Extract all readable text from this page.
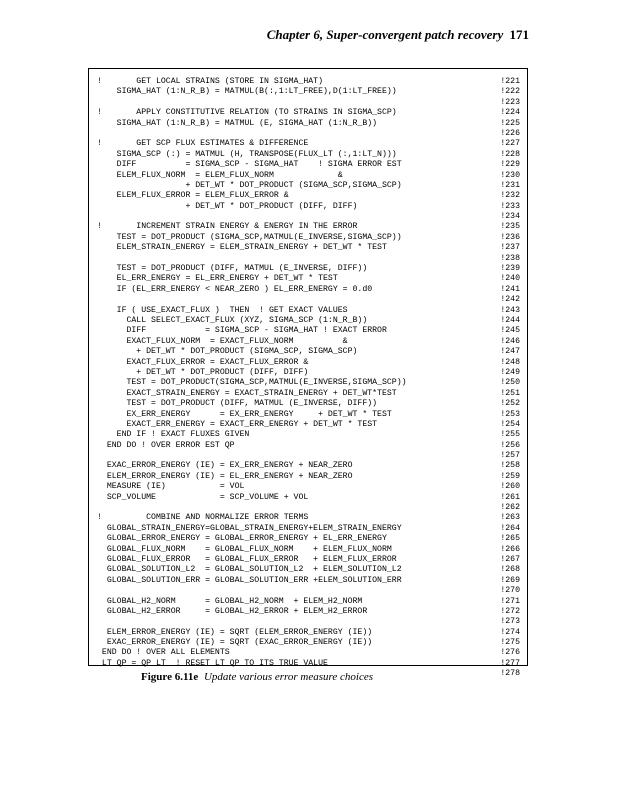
Chapter 6, Super-convergent patch recovery 171
!       GET LOCAL STRAINS (STORE IN SIGMA_HAT)
SIGMA_HAT (1:N_R_B) = MATMUL(B(:,1:LT_FREE),D(1:LT_FREE))
!       APPLY CONSTITUTIVE RELATION (TO STRAINS IN SIGMA_SCP)
SIGMA_HAT (1:N_R_B) = MATMUL (E, SIGMA_HAT (1:N_R_B))
!       GET SCP FLUX ESTIMATES & DIFFERENCE
SIGMA_SCP (:) = MATMUL (H, TRANSPOSE(FLUX_LT (:,1:LT_N)))
DIFF          = SIGMA_SCP - SIGMA_HAT    ! SIGMA ERROR EST
ELEM_FLUX_NORM  = ELEM_FLUX_NORM             &
+ DET_WT * DOT_PRODUCT (SIGMA_SCP,SIGMA_SCP)
ELEM_FLUX_ERROR = ELEM_FLUX_ERROR &
+ DET_WT * DOT_PRODUCT (DIFF, DIFF)
!       INCREMENT STRAIN ENERGY & ENERGY IN THE ERROR
TEST = DOT_PRODUCT (SIGMA_SCP,MATMUL(E_INVERSE,SIGMA_SCP))
ELEM_STRAIN_ENERGY = ELEM_STRAIN_ENERGY + DET_WT * TEST
TEST = DOT_PRODUCT (DIFF, MATMUL (E_INVERSE, DIFF))
EL_ERR_ENERGY = EL_ERR_ENERGY + DET_WT * TEST
IF (EL_ERR_ENERGY < NEAR_ZERO ) EL_ERR_ENERGY = 0.d0
IF ( USE_EXACT_FLUX )  THEN  ! GET EXACT VALUES
CALL SELECT_EXACT_FLUX (XYZ, SIGMA_SCP (1:N_R_B))
DIFF            = SIGMA_SCP - SIGMA_HAT ! EXACT ERROR
EXACT_FLUX_NORM  = EXACT_FLUX_NORM          &
+ DET_WT * DOT_PRODUCT (SIGMA_SCP, SIGMA_SCP)
EXACT_FLUX_ERROR = EXACT_FLUX_ERROR &
+ DET_WT * DOT_PRODUCT (DIFF, DIFF)
TEST = DOT_PRODUCT(SIGMA_SCP,MATMUL(E_INVERSE,SIGMA_SCP))
EXACT_STRAIN_ENERGY = EXACT_STRAIN_ENERGY + DET_WT*TEST
TEST = DOT_PRODUCT (DIFF, MATMUL (E_INVERSE, DIFF))
EX_ERR_ENERGY      = EX_ERR_ENERGY     + DET_WT * TEST
EXACT_ERR_ENERGY = EXACT_ERR_ENERGY + DET_WT * TEST
END IF ! EXACT FLUXES GIVEN
END DO ! OVER ERROR EST QP
EXAC_ERROR_ENERGY (IE) = EX_ERR_ENERGY + NEAR_ZERO
ELEM_ERROR_ENERGY (IE) = EL_ERR_ENERGY + NEAR_ZERO
MEASURE (IE)           = VOL
SCP_VOLUME             = SCP_VOLUME + VOL
!         COMBINE AND NORMALIZE ERROR TERMS
GLOBAL_STRAIN_ENERGY=GLOBAL_STRAIN_ENERGY+ELEM_STRAIN_ENERGY
GLOBAL_ERROR_ENERGY = GLOBAL_ERROR_ENERGY + EL_ERR_ENERGY
GLOBAL_FLUX_NORM    = GLOBAL_FLUX_NORM    + ELEM_FLUX_NORM
GLOBAL_FLUX_ERROR   = GLOBAL_FLUX_ERROR   + ELEM_FLUX_ERROR
GLOBAL_SOLUTION_L2  = GLOBAL_SOLUTION_L2  + ELEM_SOLUTION_L2
GLOBAL_SOLUTION_ERR = GLOBAL_SOLUTION_ERR +ELEM_SOLUTION_ERR
GLOBAL_H2_NORM      = GLOBAL_H2_NORM  + ELEM_H2_NORM
GLOBAL_H2_ERROR     = GLOBAL_H2_ERROR + ELEM_H2_ERROR
ELEM_ERROR_ENERGY (IE) = SQRT (ELEM_ERROR_ENERGY (IE))
EXAC_ERROR_ENERGY (IE) = SQRT (EXAC_ERROR_ENERGY (IE))
END DO ! OVER ALL ELEMENTS
LT_QP = QP_LT  ! RESET LT_QP TO ITS TRUE VALUE
!221
!222
!223
!224
!225
!226
!227
!228
!229
!230
!231
!232
!233
!234
!235
!236
!237
!238
!239
!240
!241
!242
!243
!244
!245
!246
!247
!248
!249
!250
!251
!252
!253
!254
!255
!256
!257
!258
!259
!260
!261
!262
!263
!264
!265
!266
!267
!268
!269
!270
!271
!272
!273
!274
!275
!276
!277
!278
Figure 6.11e Update various error measure choices
